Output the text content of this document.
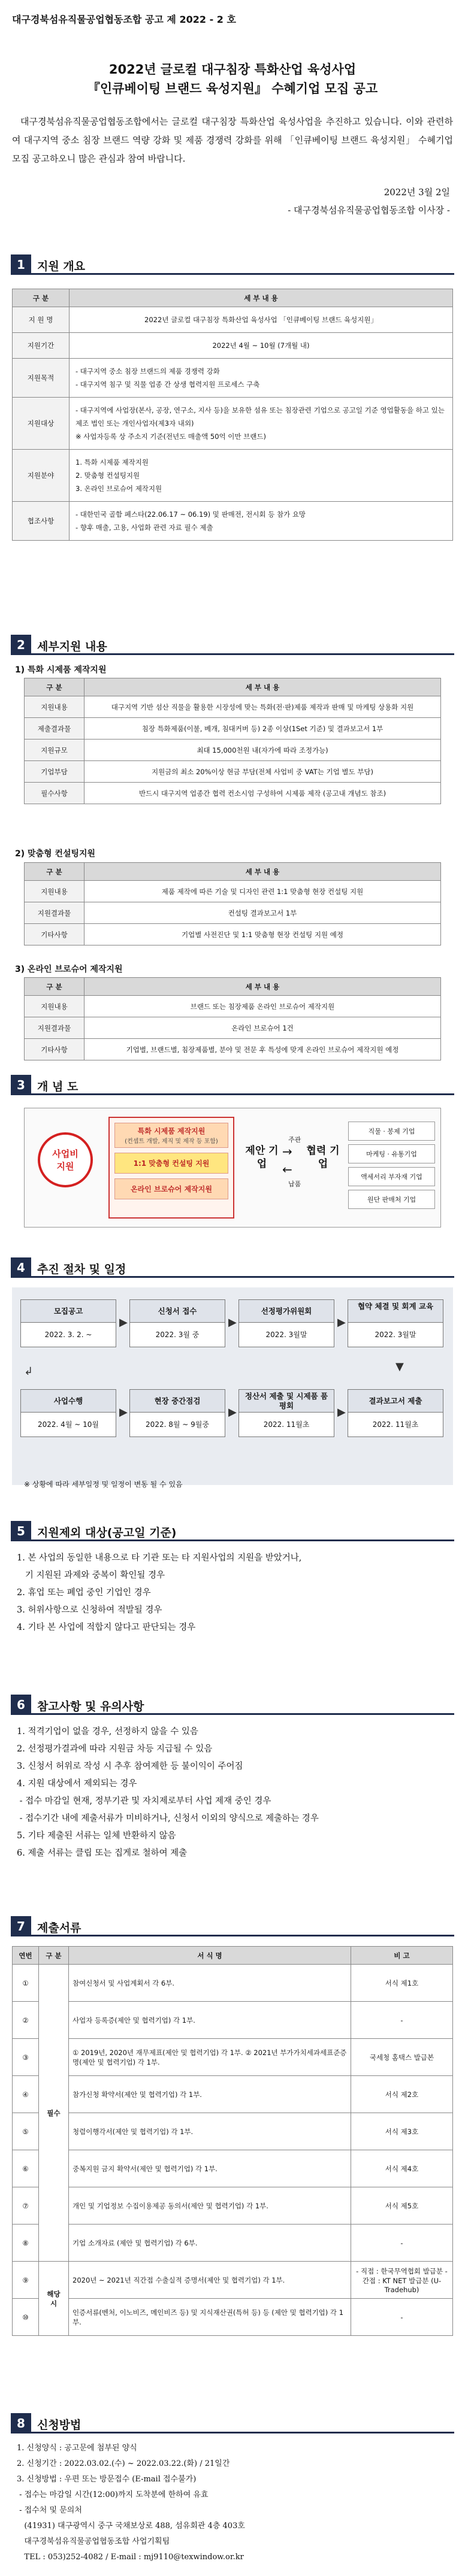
대구경북섬유직물공업협동조합 공고 제 2022 - 2 호
2022년 글로컬 대구침장 특화산업 육성사업
『인큐베이팅 브랜드 육성지원』 수혜기업 모집 공고
대구경북섬유직물공업협동조합에서는 글로컬 대구침장 특화산업 육성사업을 추진하고 있습니다. 이와 관련하여 대구지역 중소 침장 브랜드 역량 강화 및 제품 경쟁력 강화를 위해 「인큐베이팅 브랜드 육성지원」 수혜기업모집 공고하오니 많은 관심과 참여 바랍니다.
2022년 3월 2일
- 대구경북섬유직물공업협동조합 이사장 -
1	지원 개요
구 분	세 부 내 용
지 원 명	2022년 글로컬 대구침장 특화산업 육성사업 「인큐베이팅 브랜드 육성지원」

지원기간	2022년 4월 ~ 10월 (7개월 내)

지원목적	- 대구지역 중소 침장 브랜드의 제품 경쟁력 강화
- 대구지역 침구 및 직물 업종 간 상생 협력지원 프로세스 구축

지원대상	- 대구지역에 사업장(본사, 공장, 연구소, 지사 등)을 보유한 섬유 또는 침장관련 기업으로 공고일 기준 영업활동을 하고 있는 제조 법인 또는 개인사업자(제3자 내외)
※ 사업자등록 상 주소지 기준(전년도 매출액 50억 이만 브랜드)

지원분야	1. 특화 시제품 제작지원
2. 맞춤형 컨설팅지원
3. 온라인 브로슈어 제작지원

협조사항	- 대한민국 골함 페스타(22.06.17 ~ 06.19) 및 판매전, 전시회 등 참가 요망
- 향후 매출, 고용, 사업화 관련 자료 필수 제출
2	세부지원 내용
1) 특화 시제품 제작지원
구 분	세 부 내 용
지원내용	대구지역 기반 섬산 직물을 활용한 시장성에 맞는 특화(전·판)제품 제작과 판매 및 마케팅 상용화 지원
제출결과물	침장 특화제품(이불, 베개, 침대커버 등) 2종 이상(1Set 기준) 및 결과보고서 1부
지원규모	최대 15,000천원 내(자가에 따라 조정가능)
기업부담	지원금의 최소 20%이상 현금 부담(전체 사업비 중 VAT는 기업 별도 부담)
필수사항	반드시 대구지역 업종간 협력 컨소시엄 구성하여 시제품 제작 (공고내 개념도 참조)
2) 맞춤형 컨설팅지원
구 분	세 부 내 용
지원내용	제품 제작에 따른 기술 및 디자인 관련 1:1 맞춤형 현장 컨설팅 지원
지원결과물	컨설팅 결과보고서 1부
기타사항	기업별 사전진단 및 1:1 맞춤형 현장 컨설팅 지원 예정
3) 온라인 브로슈어 제작지원
구 분	세 부 내 용
지원내용	브랜드 또는 침장제품 온라인 브로슈어 제작지원
지원결과물	온라인 브로슈어 1건
기타사항	기업별, 브랜드별, 침장제품별, 분야 및 전문 후 특성에 맞게 온라인 브로슈어 제작지원 예정
3	개 념 도
사업비 지원
특화 시제품 제작지원
(컨셉트 개발, 제직 및 제작 등 포함)
1:1 맞춤형 컨설팅 지원
온라인 브로슈어 제작지원
제안 기업
주관
→
←
납품
협력 기업
직물 · 봉제 기업
마케팅 · 유통기업
액세서리 부자재 기업
원단 판매처 기업
4	추진 절차 및 일정
모집공고
2022. 3. 2. ~
▶
신청서 접수
2022. 3월 중
▶
선정평가위원회
2022. 3월말
▶
협약 체결 및 회계 교육
2022. 3월말
사업수행
2022. 4월 ~ 10월
▶
현장 중간점검
2022. 8월 ~ 9월중
▶
정산서 제출 및 시제품 품평회
2022. 11월초
▶
결과보고서 제출
2022. 11월초
▼
↲
※ 상황에 따라 세부일정 및 일정이 변동 될 수 있음
5	지원제외 대상(공고일 기준)
1. 본 사업의 동일한 내용으로 타 기관 또는 타 지원사업의 지원을 받았거나,
기 지원된 과제와 중복이 확인될 경우
2. 휴업 또는 폐업 중인 기업인 경우
3. 허위사항으로 신청하여 적발될 경우
4. 기타 본 사업에 적합지 않다고 판단되는 경우
6	참고사항 및 유의사항
1. 적격기업이 없을 경우, 선정하지 않을 수 있음
2. 선정평가결과에 따라 지원금 차등 지급될 수 있음
3. 신청서 허위로 작성 시 추후 참여제한 등 불이익이 주어짐
4. 지원 대상에서 제외되는 경우
- 접수 마감일 현재, 정부기관 및 자치제로부터 사업 제재 중인 경우
- 접수기간 내에 제출서류가 미비하거나, 신청서 이외의 양식으로 제출하는 경우
5. 기타 제출된 서류는 일체 반환하지 않음
6. 제출 서류는 클립 또는 집게로 철하여 제출
7	제출서류
연번	구 분	서 식 명	비 고
①	필수	참여신청서 및 사업계획서 각 6부.	서식 제1호
②		사업자 등록증(제안 및 협력기업) 각 1부.	-
③		① 2019년, 2020년 재무제표(제안 및 협력기업) 각 1부. ② 2021년 부가가치세과세표준증명(제안 및 협력기업) 각 1부.	국세청 홈택스 발급본
④		참가신청 확약서(제안 및 협력기업) 각 1부.	서식 제2호
⑤		청렴이행각서(제안 및 협력기업) 각 1부.	서식 제3호
⑥		중복지원 금지 확약서(제안 및 협력기업) 각 1부.	서식 제4호
⑦		개인 및 기업정보 수집이용제공 동의서(제안 및 협력기업) 각 1부.	서식 제5호
⑧		기업 소개자료 (제안 및 협력기업) 각 6부.	-
⑨	해당 시	2020년 ~ 2021년 직간접 수출실적 증명서(제안 및 협력기업) 각 1부.	- 직접 : 한국무역협회 발급분 - 간접 : KT NET 발급분 (U-Tradehub)
⑩		인증서류(벤처, 이노비즈, 메인비즈 등) 및 지식재산권(특허 등) 등 (제안 및 협력기업) 각 1부.	-
8	신청방법
1. 신청양식 : 공고문에 첨부된 양식
2. 신청기간 : 2022.03.02.(수) ~ 2022.03.22.(화) / 21일간
3. 신청방법 : 우편 또는 방문접수 (E-mail 접수불가)
- 접수는 마감일 시간(12:00)까지 도착분에 한하여 유효
- 접수처 및 문의처
(41931) 대구광역시 중구 국채보상로 488, 섬유회관 4층 403호
대구경북섬유직물공업협동조합 사업기획팀
TEL : 053)252-4082 / E-mail : mj9110@texwindow.or.kr
